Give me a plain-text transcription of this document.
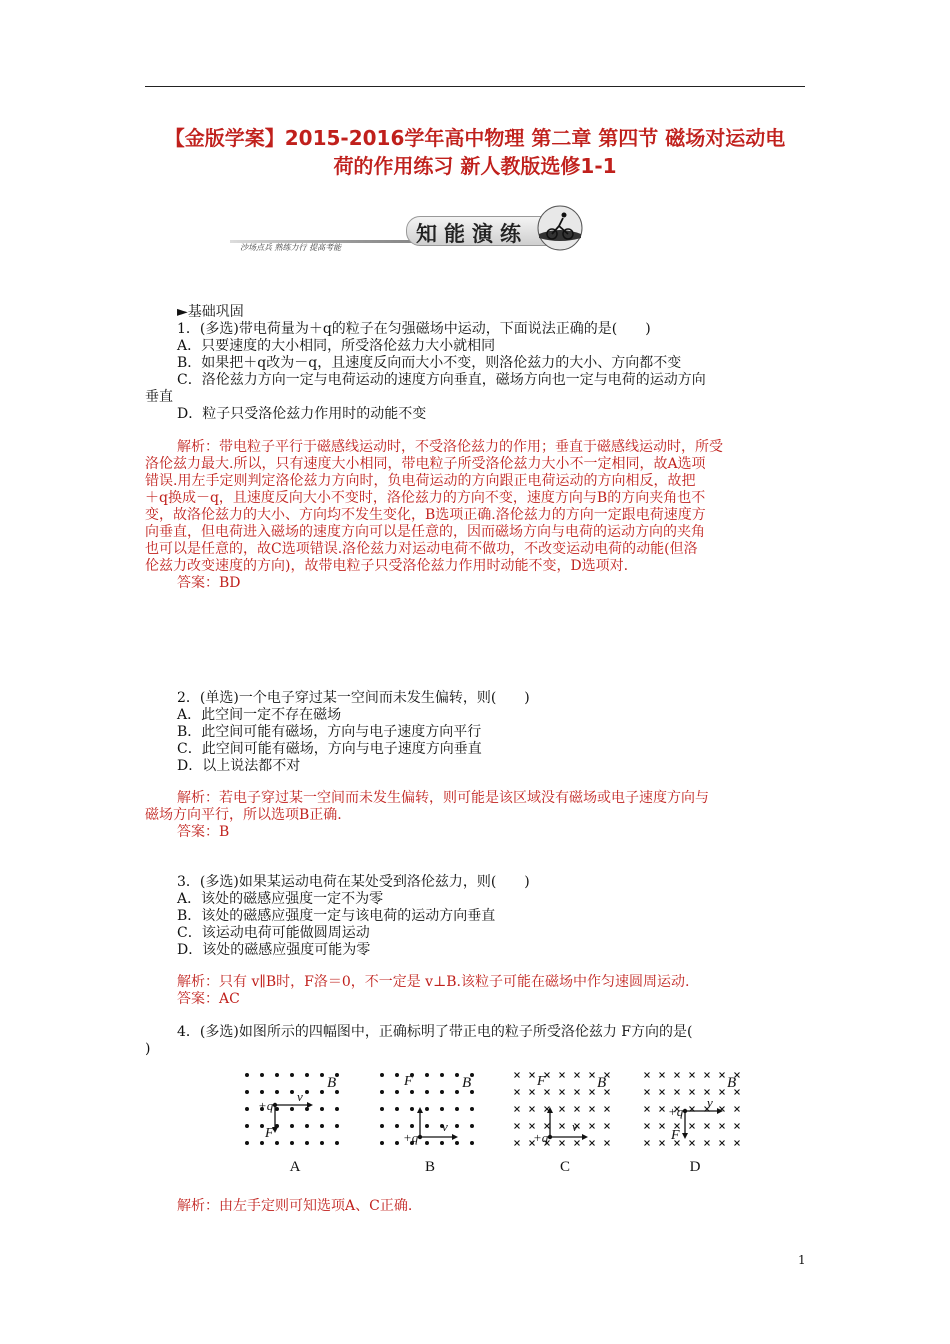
【金版学案】2015-2016学年高中物理 第二章 第四节 磁场对运动电
荷的作用练习 新人教版选修1-1
沙场点兵 熟练力行 提高考能
知能演练
►基础巩固
1．(多选)带电荷量为＋q的粒子在匀强磁场中运动，下面说法正确的是(　　)
A．只要速度的大小相同，所受洛伦兹力大小就相同
B．如果把＋q改为－q，且速度反向而大小不变，则洛伦兹力的大小、方向都不变
C．洛伦兹力方向一定与电荷运动的速度方向垂直，磁场方向也一定与电荷的运动方向
垂直
D．粒子只受洛伦兹力作用时的动能不变
解析：带电粒子平行于磁感线运动时，不受洛伦兹力的作用；垂直于磁感线运动时，所受
洛伦兹力最大.所以，只有速度大小相同，带电粒子所受洛伦兹力大小不一定相同，故A选项
错误.用左手定则判定洛伦兹力方向时，负电荷运动的方向跟正电荷运动的方向相反，故把
＋q换成－q，且速度反向大小不变时，洛伦兹力的方向不变，速度方向与B的方向夹角也不
变，故洛伦兹力的大小、方向均不发生变化，B选项正确.洛伦兹力的方向一定跟电荷速度方
向垂直，但电荷进入磁场的速度方向可以是任意的，因而磁场方向与电荷的运动方向的夹角
也可以是任意的，故C选项错误.洛伦兹力对运动电荷不做功，不改变运动电荷的动能(但洛
伦兹力改变速度的方向)，故带电粒子只受洛伦兹力作用时动能不变，D选项对.
答案：BD
2．(单选)一个电子穿过某一空间而未发生偏转，则(　　)
A．此空间一定不存在磁场
B．此空间可能有磁场，方向与电子速度方向平行
C．此空间可能有磁场，方向与电子速度方向垂直
D．以上说法都不对
解析：若电子穿过某一空间而未发生偏转，则可能是该区域没有磁场或电子速度方向与
磁场方向平行，所以选项B正确.
答案：B
3．(多选)如果某运动电荷在某处受到洛伦兹力，则(　　)
A．该处的磁感应强度一定不为零
B．该处的磁感应强度一定与该电荷的运动方向垂直
C．该运动电荷可能做圆周运动
D．该处的磁感应强度可能为零
解析：只有 v∥B时，F洛＝0，不一定是 v⊥B.该粒子可能在磁场中作匀速圆周运动.
答案：AC
4．(多选)如图所示的四幅图中，正确标明了带正电的粒子所受洛伦兹力 F方向的是(
)
+q
v
F
B
A
+q
v
F	B
B
+q
v
F	B
C
+q
v
F
B
D
解析：由左手定则可知选项A、C正确.
1
